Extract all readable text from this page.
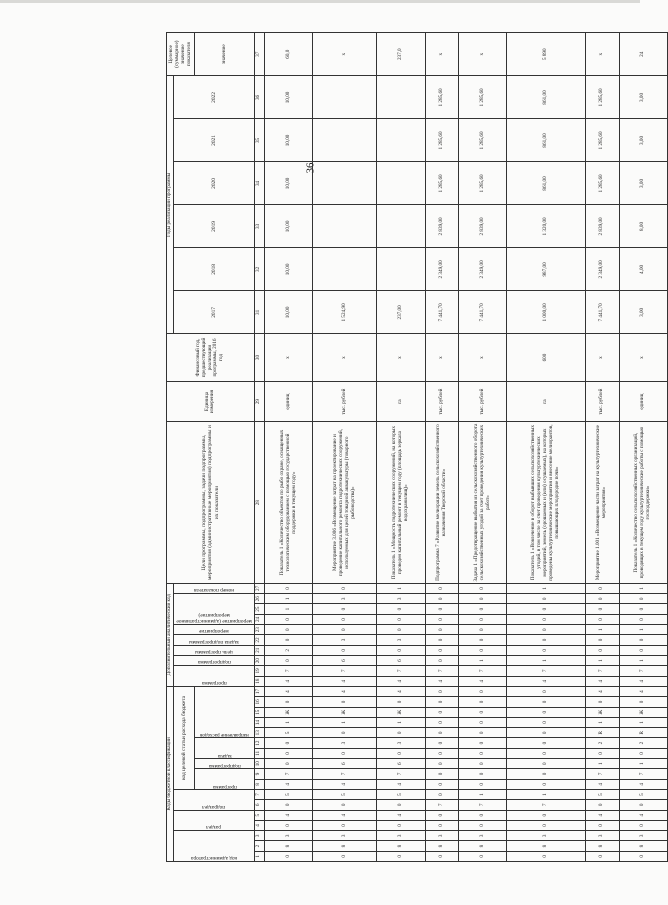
36
Коды бюджетной классификации																	Дополнительный аналитический код										Цели программы, подпрограммы, задачи подпрограммы, мероприятия (административные мероприятия) подпрограммы и их показатели	Единица измерения	Финансовый год, предшествующий реализации программы, 2016 год	Годы реализации программы						Целевое (суммарное) значение показателя

код администратора			раздел		подраздел		код целевой статьи расхода бюджета										программа		подпрограмма	цель программы	задача подпрограммы	мероприятие	мероприятие (административное мероприятие)			номер показателя				2017	2018	2019	2020	2021	2022	

							программа		подпрограмма	задача		направление расходов																								значение
1	2	3	4	5	6	7	8	9	10	11	12	13	14	15	16	17	18	19	20	21	22	23	24	25	26	27	28	29	30	31	32	33	34	35	36	37
0	8	3	0	4	0	5	4	7	0	0	0	5	1	Ж	0	4	4	7	0	2	0	0	0	1	1	0	Показатель 1 «Количество объектов по рыбо охране, оснащенных технологическим оборудованием с помощью государственной поддержки в текущем году»	единиц	x	10,00	10,00	10,00	10,00	10,00	10,00	60,0
0	8	3	0	4	0	5	4	7	6	0	3	0	1	Ж	0	4	4	7	6	0	3	0	0	0	3	0	Мероприятие 3.006 «Возмещение затрат на проектирование и проведение капитального ремонта гидротехнических сооружений, используемых для целей товарной аквакультуры (товарного рыбоводства)»	тыс. рублей	x	1 524,90						x
0	8	3	0	4	0	5	4	7	6	0	3	0	1	Ж	0	4	4	7	6	0	3	0	0	0	3	1	Показатель 1 «Мощность гидротехнических сооружений, на которых проведен капитальный ремонт в текущем году (площадь зеркала водохранилищ)»	га	x	237,00						237,0
0	8	3	0	0	7	0	0	0	0	0	0	0	0	0	0	0	4	7	0	0	0	0	0	0	0	0	Подпрограмма 7 «Развитие мелиорации земель сельскохозяйственного назначения Тверской области»	тыс. рублей	x	7 441,70	2 349,00	2 839,00	1 285,60	1 285,60	1 285,60	x
0	8	3	0	0	7	1	0	0	0	0	0	0	0	0	0	0	4	7	1	0	0	0	0	0	0	0	Задача 1 «Предотвращение выбытия из сельскохозяйственного оборота сельскохозяйственных угодий за счет проведения культуртехнических работ»	тыс. рублей	x	7 441,70	2 349,00	2 839,00	1 285,60	1 285,60	1 285,60	x
0	8	3	0	0	7	1	0	0	0	0	0	0	0	0	0	0	4	7	1	0	0	0	0	0	0	1	Показатель 1 «Вовлечение в оборот выбывших сельскохозяйственных угодий, в том числе за счет проведения культуртехнических мероприятий, земель (орошаемых и (или) осушаемых), на которых проведены культуртехнические мероприятия и внесение мелиорантов, повышающих плодородие почв»	га	600	1 000,00	987,00	1 320,00	861,00	861,00	861,00	5 890
0	8	3	0	4	0	5	4	7	1	0	2	R	1	Ж	0	4	4	7	1	0	0	1	0	0	0	0	Мероприятие 1.001 «Возмещение части затрат на культуртехнические мероприятия»	тыс. рублей	x	7 441,70	2 349,00	2 839,00	1 285,60	1 285,60	1 285,60	x
0	8	3	0	4	0	5	4	7	1	0	2	R	1	Ж	0	4	4	7	1	0	0	1	0	0	0	1	Показатель 1 «Количество сельскохозяйственных организаций, проводящих в текущем году культуртехнические работы с помощью господдержки»	единиц	x	3,00	4,00	8,00	3,00	3,00	3,00	24
